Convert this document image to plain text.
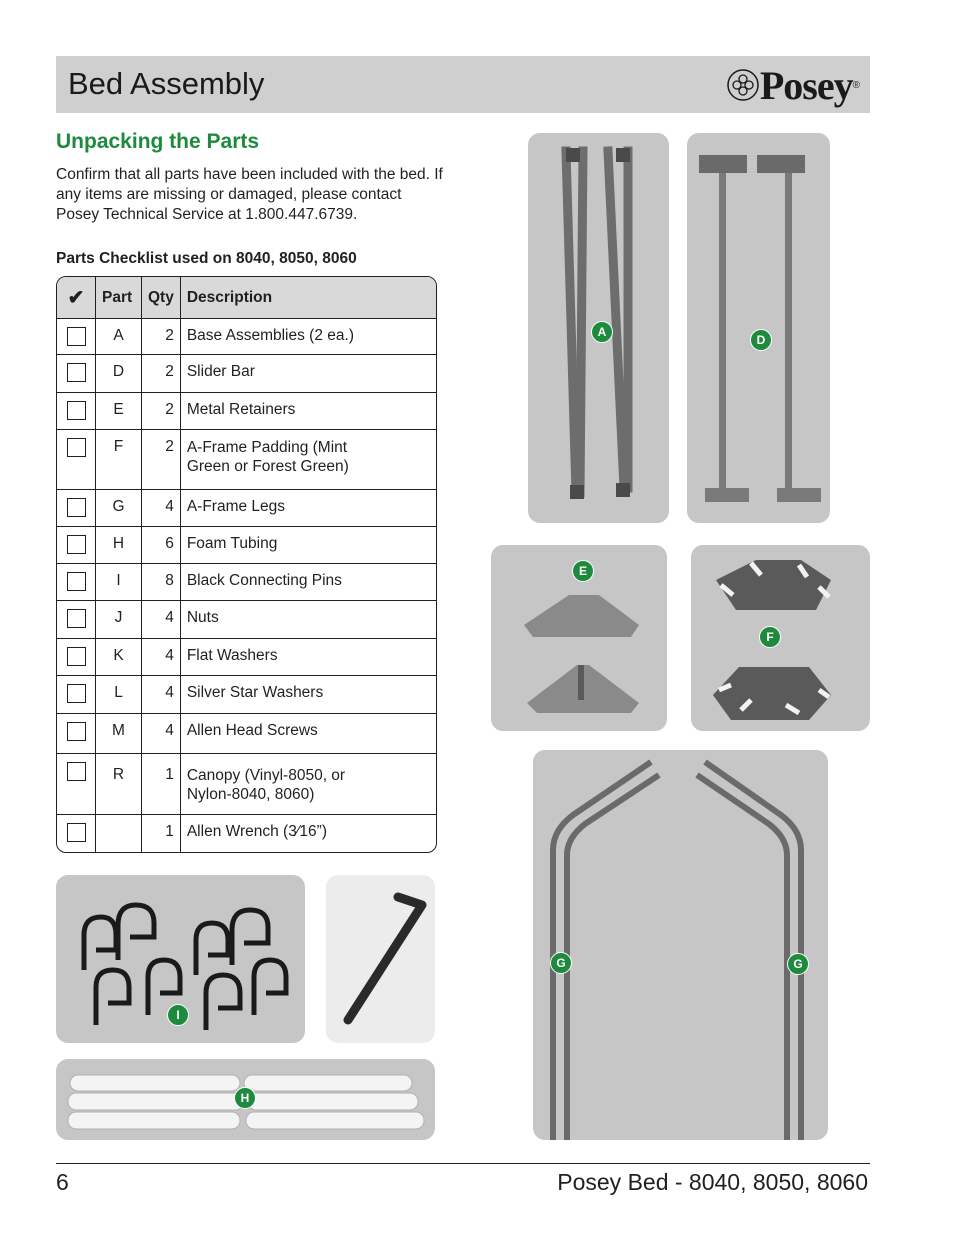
Bed Assembly	Posey ®
Unpacking the Parts
Confirm that all parts have been included with the bed. If any items are missing or damaged, please contact Posey Technical Service at 1.800.447.6739.
Parts Checklist used on 8040, 8050, 8060
✔	Part	Qty	Description
	A	2	Base Assemblies (2 ea.)
	D	2	Slider Bar
	E	2	Metal Retainers
	F	2	A-Frame Padding (Mint Green or Forest Green)
	G	4	A-Frame Legs
	H	6	Foam Tubing
	I	8	Black Connecting Pins
	J	4	Nuts
	K	4	Flat Washers
	L	4	Silver Star Washers
	M	4	Allen Head Screws
	R	1	Canopy (Vinyl-8050, or Nylon-8040, 8060)
		1	Allen Wrench (3⁄16”)
A
D
E
F
G	G
I
H
6	Posey Bed - 8040, 8050, 8060
